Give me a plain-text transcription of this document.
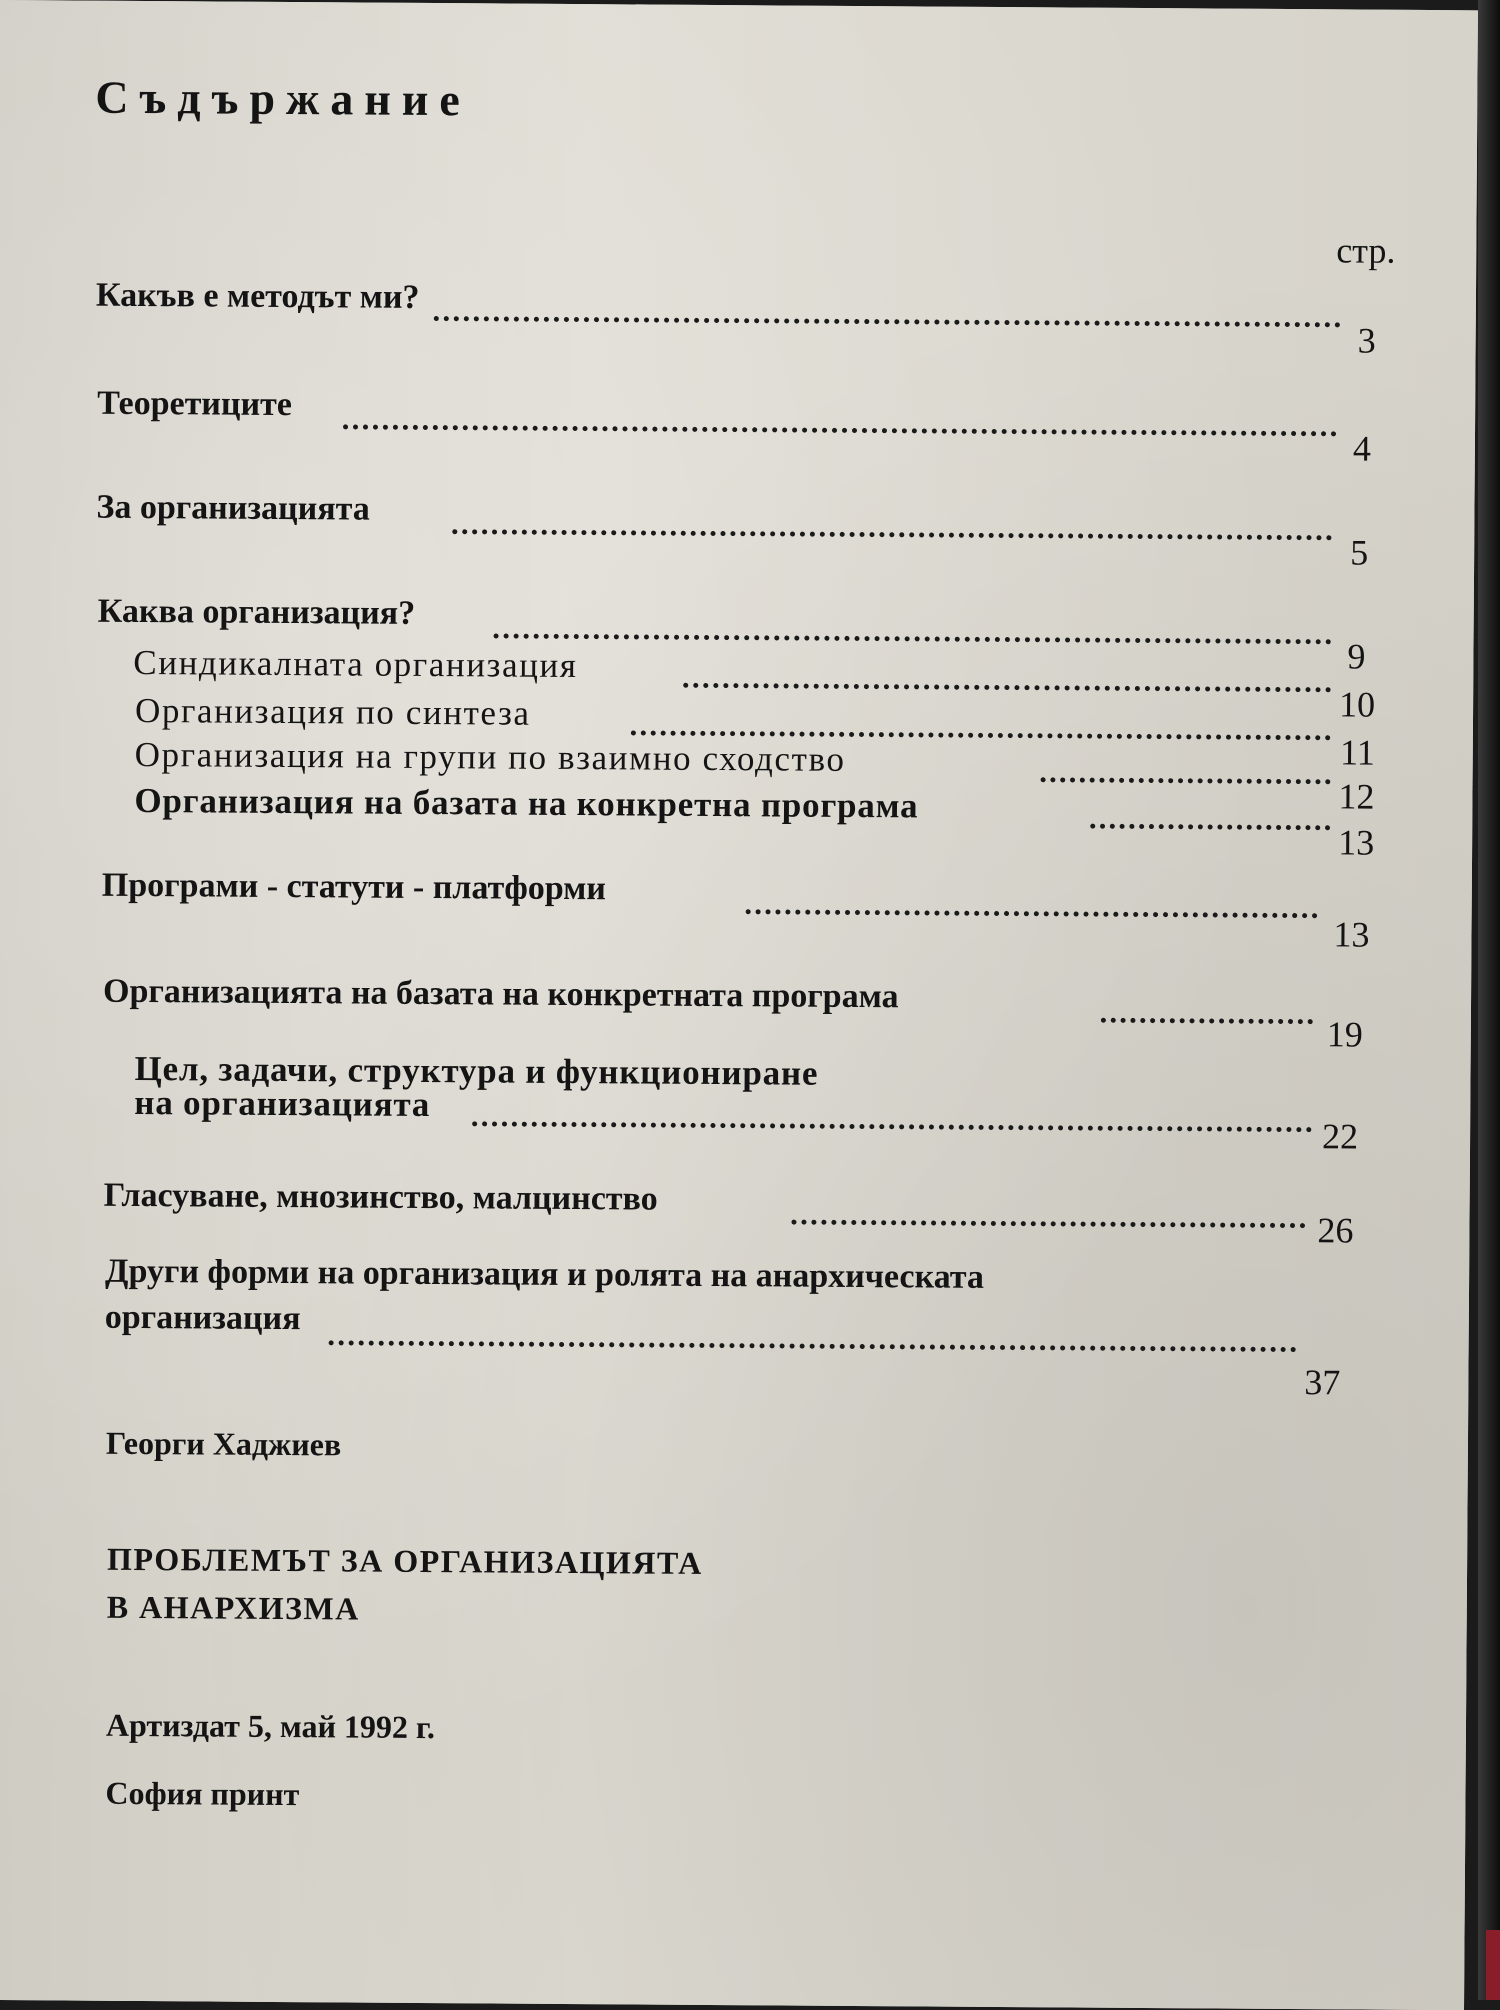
Съдържание
стр.
Какъв е методът ми?
3
Теоретиците
4
За организацията
5
Каква организация?
9
Синдикалната организация
10
Организация по синтеза
11
Организация на групи по взаимно сходство
12
Организация на базата на конкретна програма
13
Програми - статути - платформи
13
Организацията на базата на конкретната програма
19
Цел, задачи, структура и функциониране
на организацията
22
Гласуване, мнозинство, малцинство
26
Други форми на организация и ролята на анархическата
организация
37
Георги Хаджиев
ПРОБЛЕМЪТ ЗА ОРГАНИЗАЦИЯТА
В АНАРХИЗМА
Артиздат 5, май 1992 г.
София принт
